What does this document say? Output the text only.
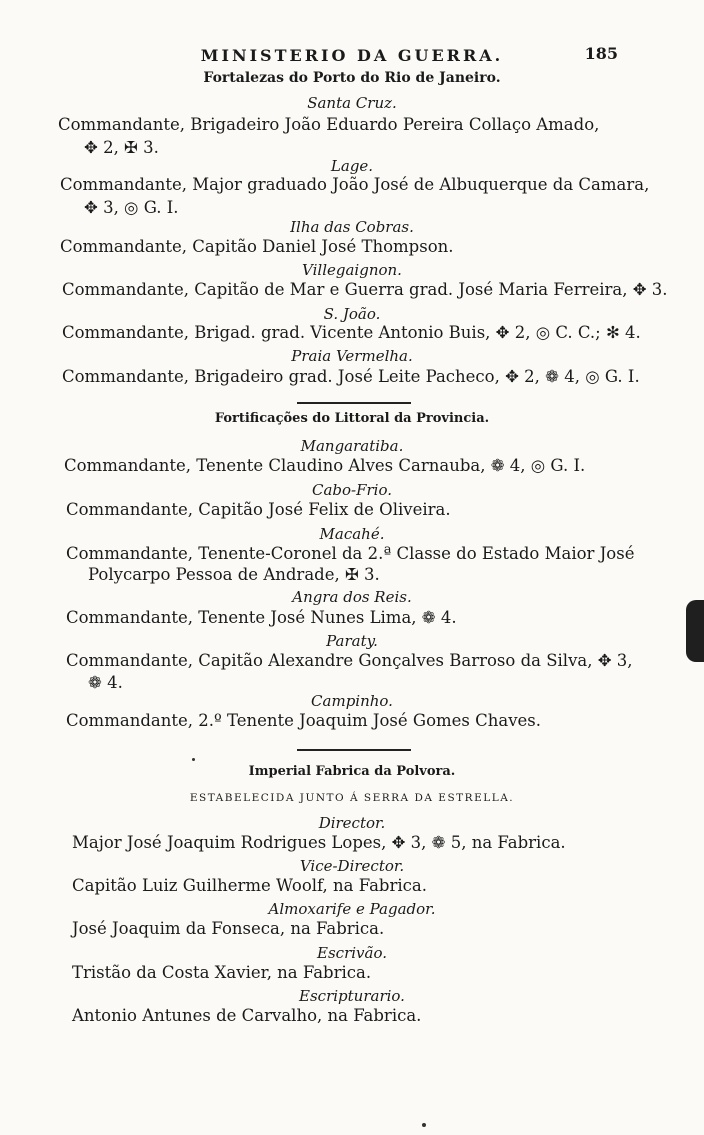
MINISTERIO DA GUERRA.	185
Fortalezas do Porto do Rio de Janeiro.
Santa Cruz.
Commandante, Brigadeiro João Eduardo Pereira Collaço Amado,
✥ 2, ✠ 3.
Lage.
Commandante, Major graduado João José de Albuquerque da Camara,
✥ 3, ◎ G. I.
Ilha das Cobras.
Commandante, Capitão Daniel José Thompson.
Villegaignon.
Commandante, Capitão de Mar e Guerra grad. José Maria Ferreira, ✥ 3.
S. João.
Commandante, Brigad. grad. Vicente Antonio Buis, ✥ 2, ◎ C. C.; ✻ 4.
Praia Vermelha.
Commandante, Brigadeiro grad. José Leite Pacheco, ✥ 2, ❁ 4, ◎ G. I.
Fortificações do Littoral da Provincia.
Mangaratiba.
Commandante, Tenente Claudino Alves Carnauba, ❁ 4, ◎ G. I.
Cabo-Frio.
Commandante, Capitão José Felix de Oliveira.
Macahé.
Commandante, Tenente-Coronel da 2.ª Classe do Estado Maior José
Polycarpo Pessoa de Andrade, ✠ 3.
Angra dos Reis.
Commandante, Tenente José Nunes Lima, ❁ 4.
Paraty.
Commandante, Capitão Alexandre Gonçalves Barroso da Silva, ✥ 3,
❁ 4.
Campinho.
Commandante, 2.º Tenente Joaquim José Gomes Chaves.
Imperial Fabrica da Polvora.
ESTABELECIDA JUNTO Á SERRA DA ESTRELLA.
Director.
Major José Joaquim Rodrigues Lopes, ✥ 3, ❁ 5, na Fabrica.
Vice-Director.
Capitão Luiz Guilherme Woolf, na Fabrica.
Almoxarife e Pagador.
José Joaquim da Fonseca, na Fabrica.
Escrivão.
Tristão da Costa Xavier, na Fabrica.
Escripturario.
Antonio Antunes de Carvalho, na Fabrica.
